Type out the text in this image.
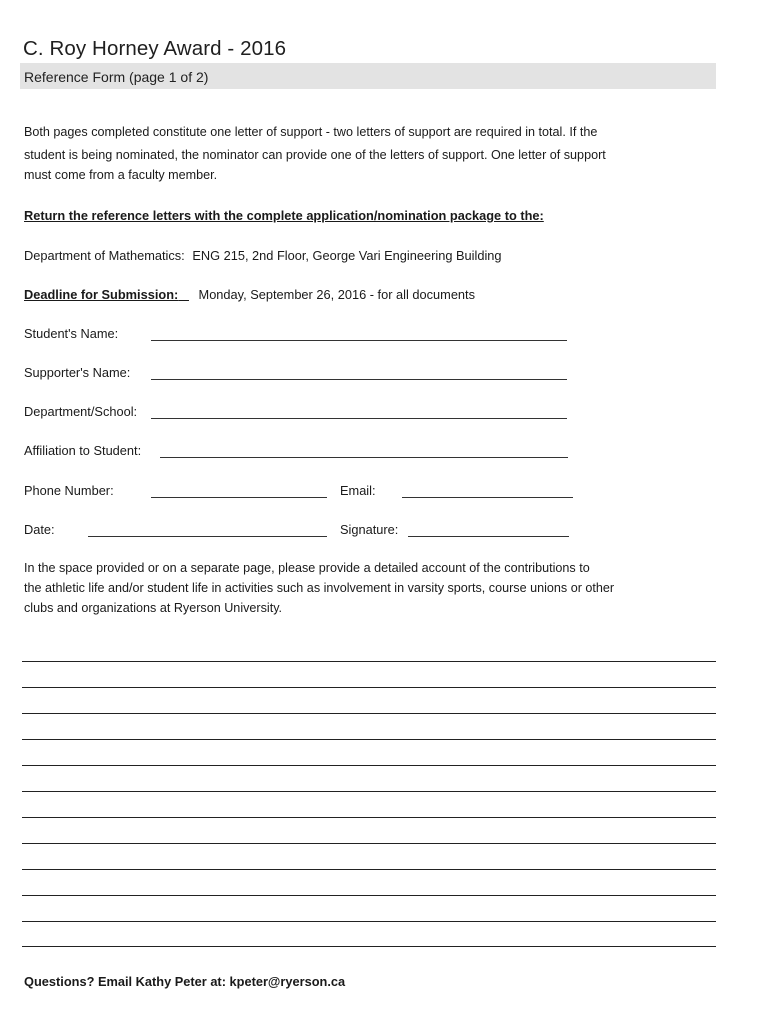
C. Roy Horney Award - 2016
Reference Form (page 1 of 2)
Both pages completed constitute one letter of support - two letters of support are required in total. If the
student is being nominated, the nominator can provide one of the letters of support. One letter of support
must come from a faculty member.
Return the reference letters with the complete application/nomination package to the:
Department of Mathematics: ENG 215, 2nd Floor, George Vari Engineering Building
Deadline for Submission: Monday, September 26, 2016 - for all documents
Student's Name:
Supporter's Name:
Department/School:
Affiliation to Student:
Phone Number:	Email:
Date:	Signature:
In the space provided or on a separate page, please provide a detailed account of the contributions to
the athletic life and/or student life in activities such as involvement in varsity sports, course unions or other
clubs and organizations at Ryerson University.
Questions? Email Kathy Peter at: kpeter@ryerson.ca
